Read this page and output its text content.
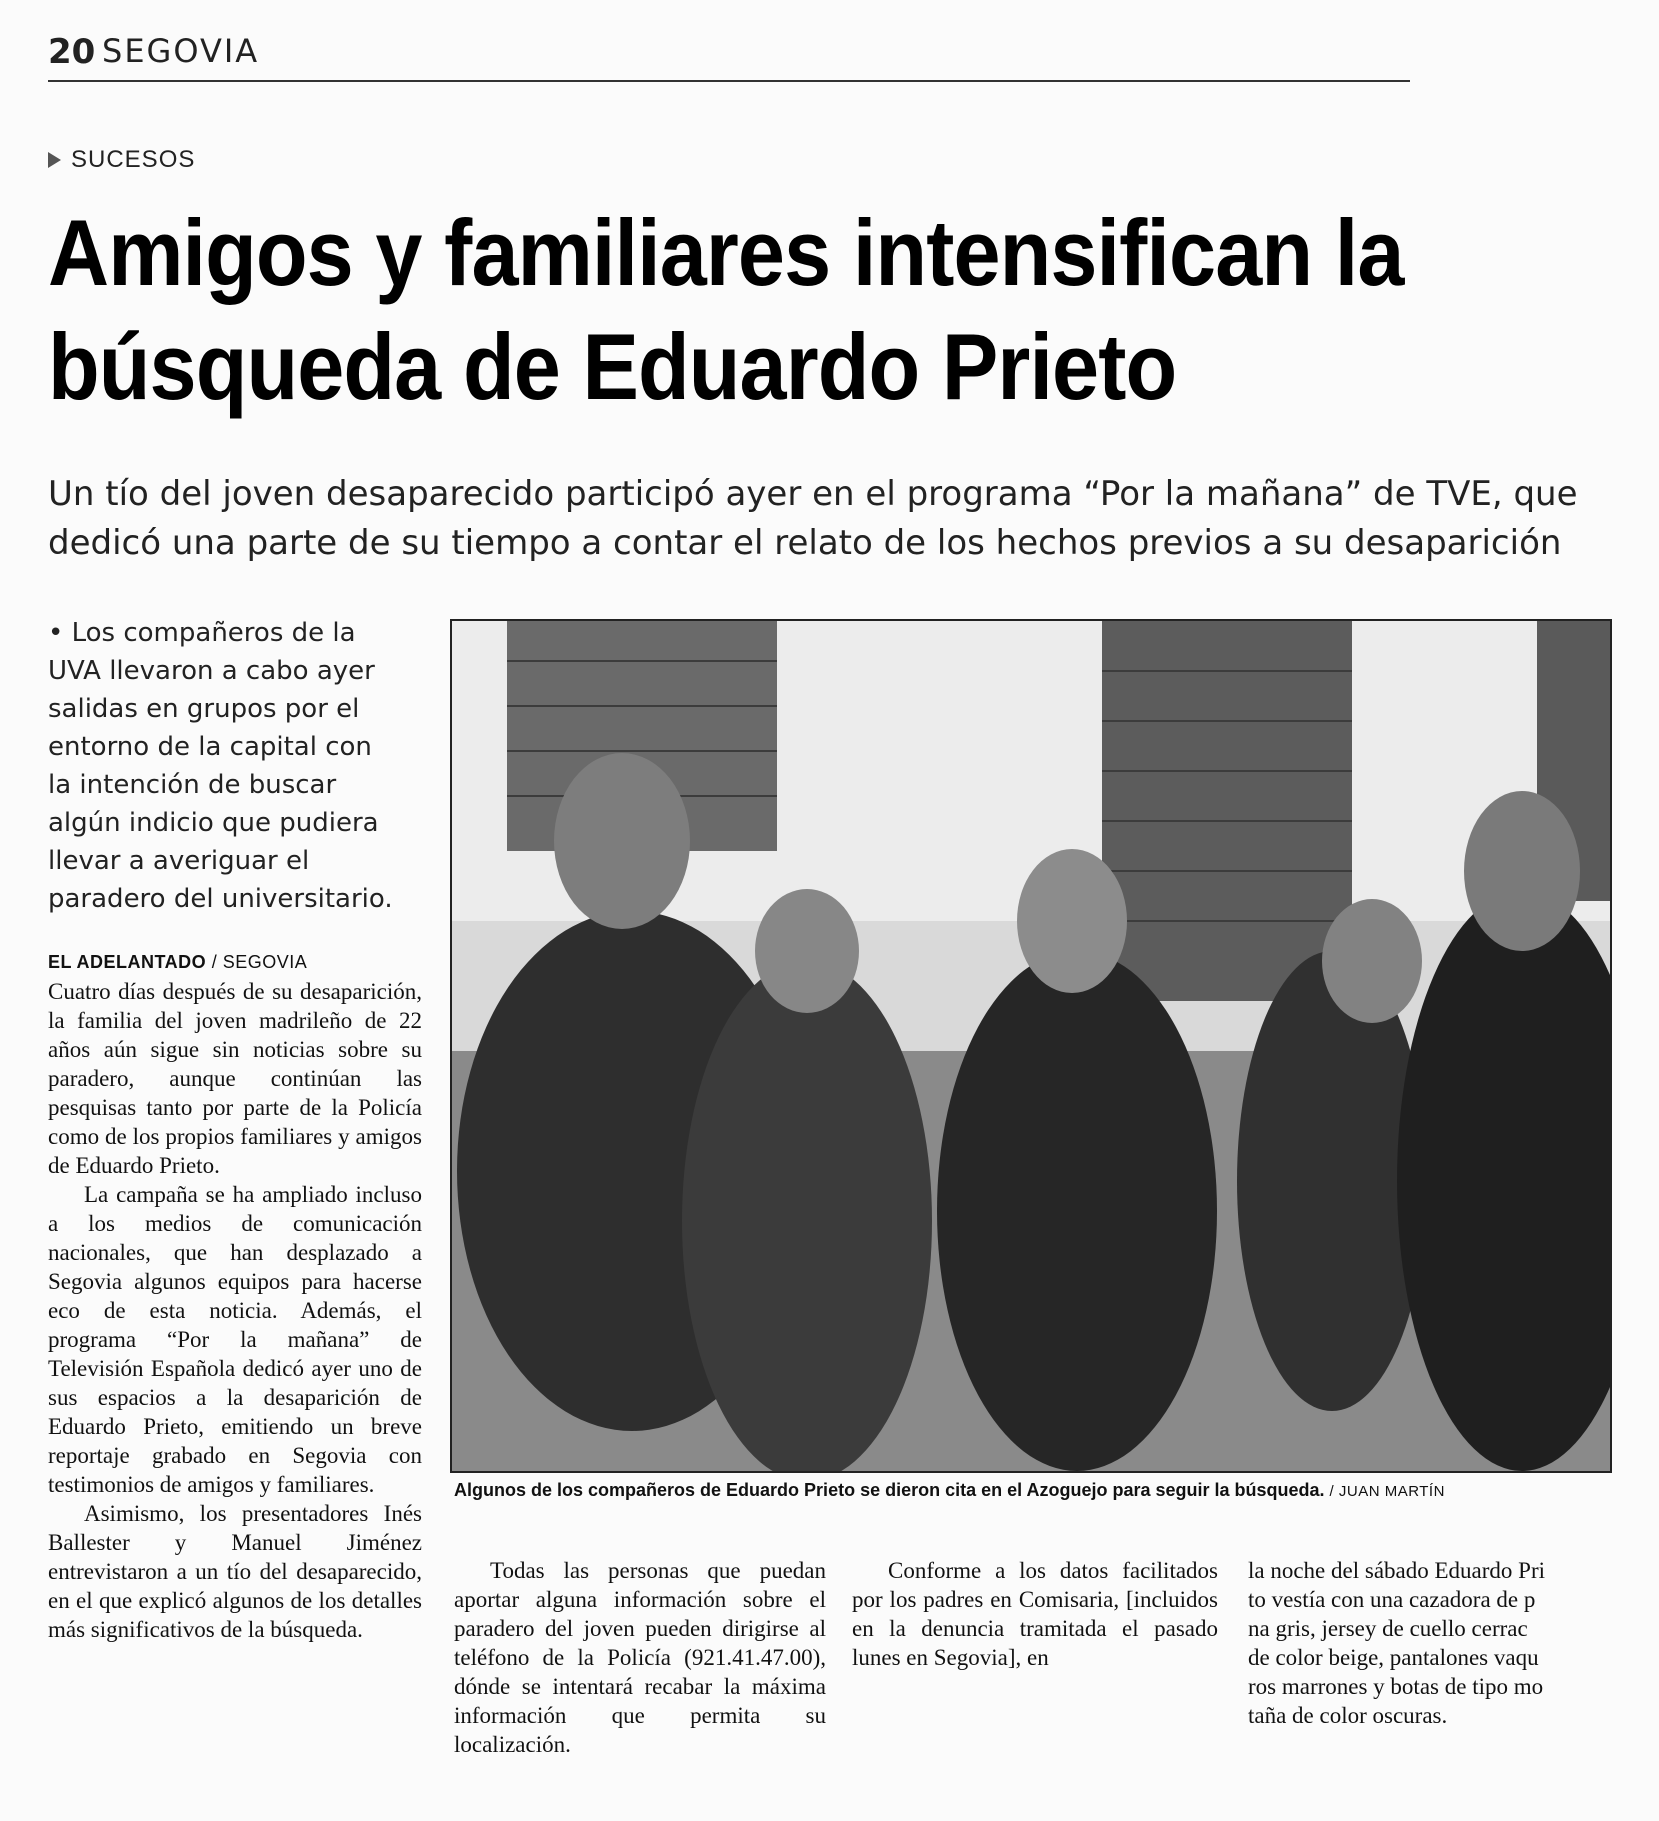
20 SEGOVIA
SUCESOS
Amigos y familiares intensifican la
búsqueda de Eduardo Prieto

Un tío del joven desaparecido participó ayer en el programa “Por la mañana” de TVE, que dedicó una parte de su tiempo a contar el relato de los hechos previos a su desaparición

• Los compañeros de la UVA llevaron a cabo ayer salidas en grupos por el entorno de la capital con la intención de buscar algún indicio que pudiera llevar a averiguar el paradero del universitario.

EL ADELANTADO / SEGOVIA

Cuatro días después de su desaparición, la familia del joven madrileño de 22 años aún sigue sin noticias sobre su paradero, aunque continúan las pesquisas tanto por parte de la Policía como de los propios familiares y amigos de Eduardo Prieto.

La campaña se ha ampliado incluso a los medios de comunicación nacionales, que han desplazado a Segovia algunos equipos para hacerse eco de esta noticia. Además, el programa “Por la mañana” de Televisión Española dedicó ayer uno de sus espacios a la desaparición de Eduardo Prieto, emitiendo un breve reportaje grabado en Segovia con testimonios de amigos y familiares.

Asimismo, los presentadores Inés Ballester y Manuel Jiménez entrevistaron a un tío del desaparecido, en el que explicó algunos de los detalles más significativos de la búsqueda.

Algunos de los compañeros de Eduardo Prieto se dieron cita en el Azoguejo para seguir la búsqueda. / JUAN MARTÍN

Todas las personas que puedan aportar alguna información sobre el paradero del joven pueden dirigirse al teléfono de la Policía (921.41.47.00), dónde se intentará recabar la máxima información que permita su localización.

Conforme a los datos facilitados por los padres en Comisaria, [incluidos en la denuncia tramitada el pasado lunes en Segovia], en

la noche del sábado Eduardo Pri
to vestía con una cazadora de p
na gris, jersey de cuello cerrac
de color beige, pantalones vaqu
ros marrones y botas de tipo mo
taña de color oscuras.
